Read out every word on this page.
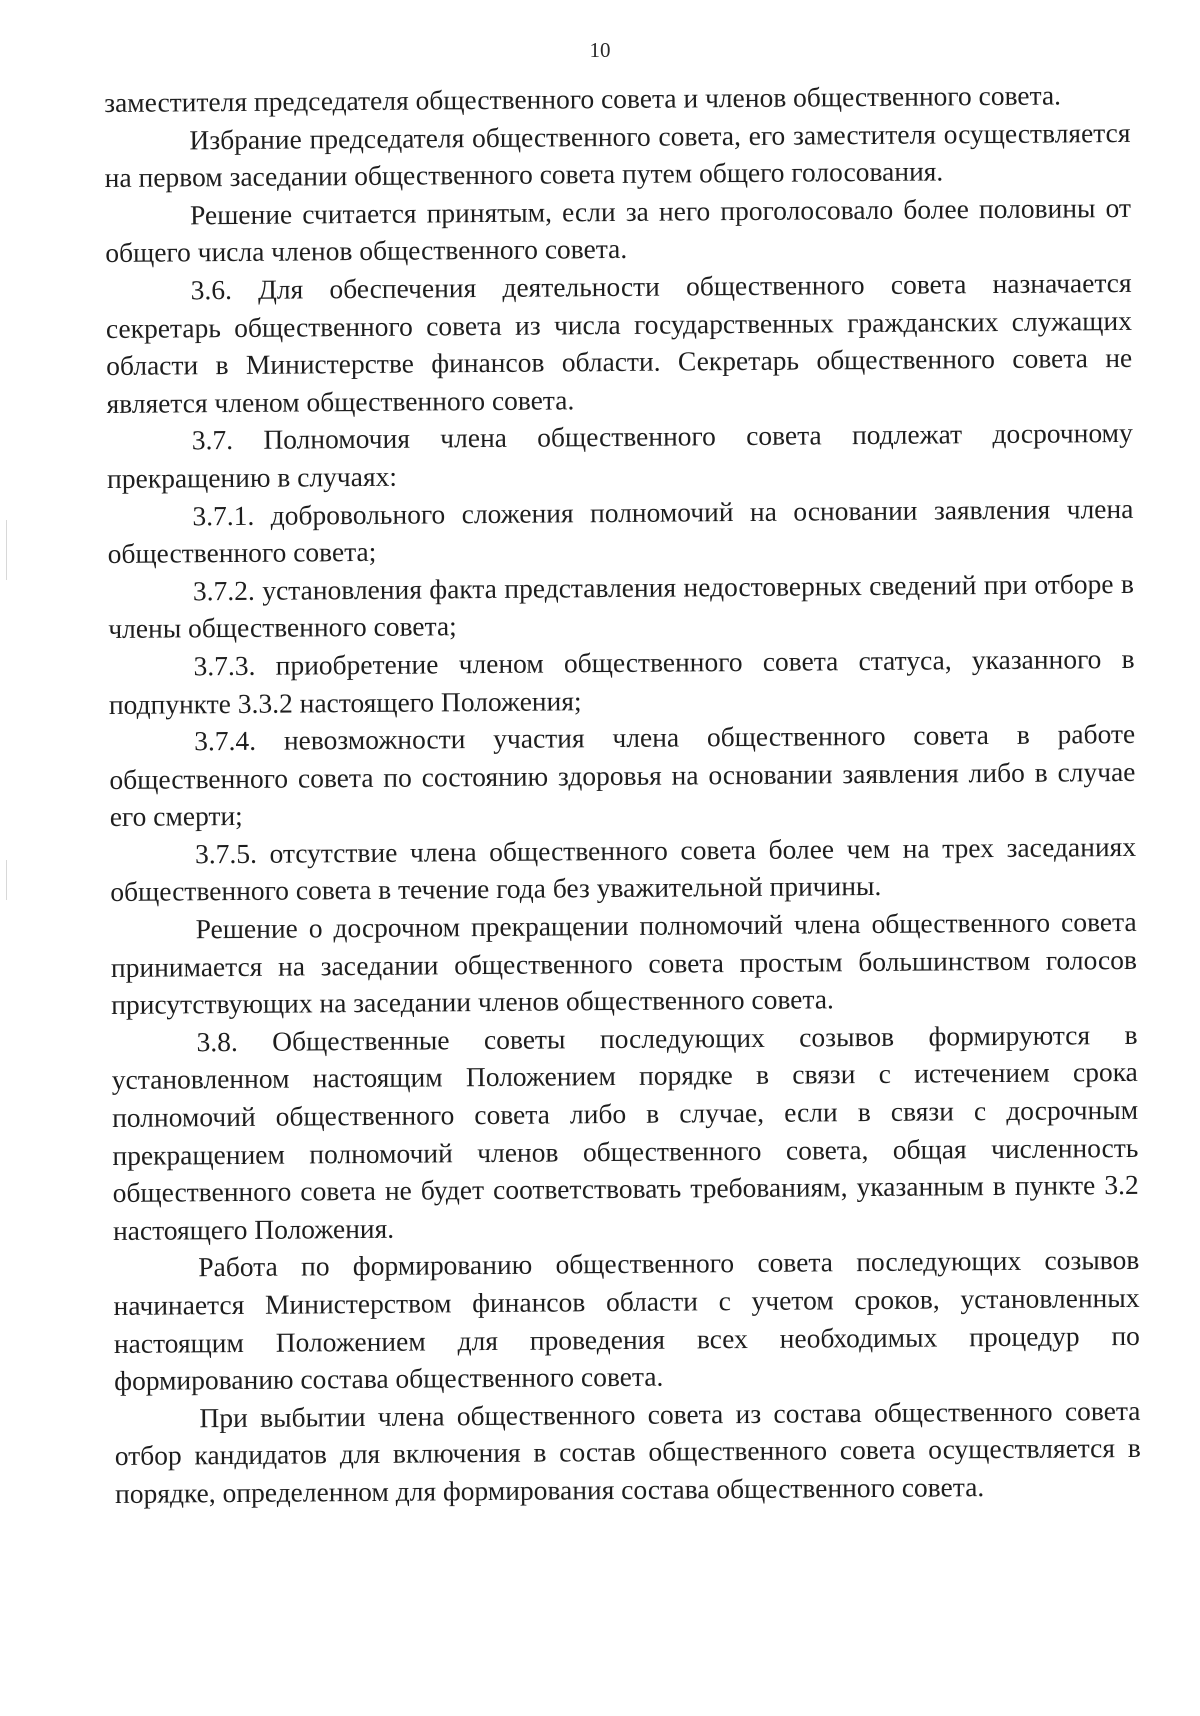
10

заместителя председателя общественного совета и членов общественного совета.

Избрание председателя общественного совета, его заместителя осуществляется на первом заседании общественного совета путем общего голосования.

Решение считается принятым, если за него проголосовало более половины от общего числа членов общественного совета.

3.6. Для обеспечения деятельности общественного совета назначается секретарь общественного совета из числа государственных гражданских служащих области в Министерстве финансов области. Секретарь общественного совета не является членом общественного совета.

3.7. Полномочия члена общественного совета подлежат досрочному прекращению в случаях:

3.7.1. добровольного сложения полномочий на основании заявления члена общественного совета;

3.7.2. установления факта представления недостоверных сведений при отборе в члены общественного совета;

3.7.3. приобретение членом общественного совета статуса, указанного в подпункте 3.3.2 настоящего Положения;

3.7.4. невозможности участия члена общественного совета в работе общественного совета по состоянию здоровья на основании заявления либо в случае его смерти;

3.7.5. отсутствие члена общественного совета более чем на трех заседаниях общественного совета в течение года без уважительной причины.

Решение о досрочном прекращении полномочий члена общественного совета принимается на заседании общественного совета простым большинством голосов присутствующих на заседании членов общественного совета.

3.8. Общественные советы последующих созывов формируются в установленном настоящим Положением порядке в связи с истечением срока полномочий общественного совета либо в случае, если в связи с досрочным прекращением полномочий членов общественного совета, общая численность общественного совета не будет соответствовать требованиям, указанным в пункте 3.2 настоящего Положения.

Работа по формированию общественного совета последующих созывов начинается Министерством финансов области с учетом сроков, установленных настоящим Положением для проведения всех необходимых процедур по формированию состава общественного совета.

При выбытии члена общественного совета из состава общественного совета отбор кандидатов для включения в состав общественного совета осуществляется в порядке, определенном для формирования состава общественного совета.
